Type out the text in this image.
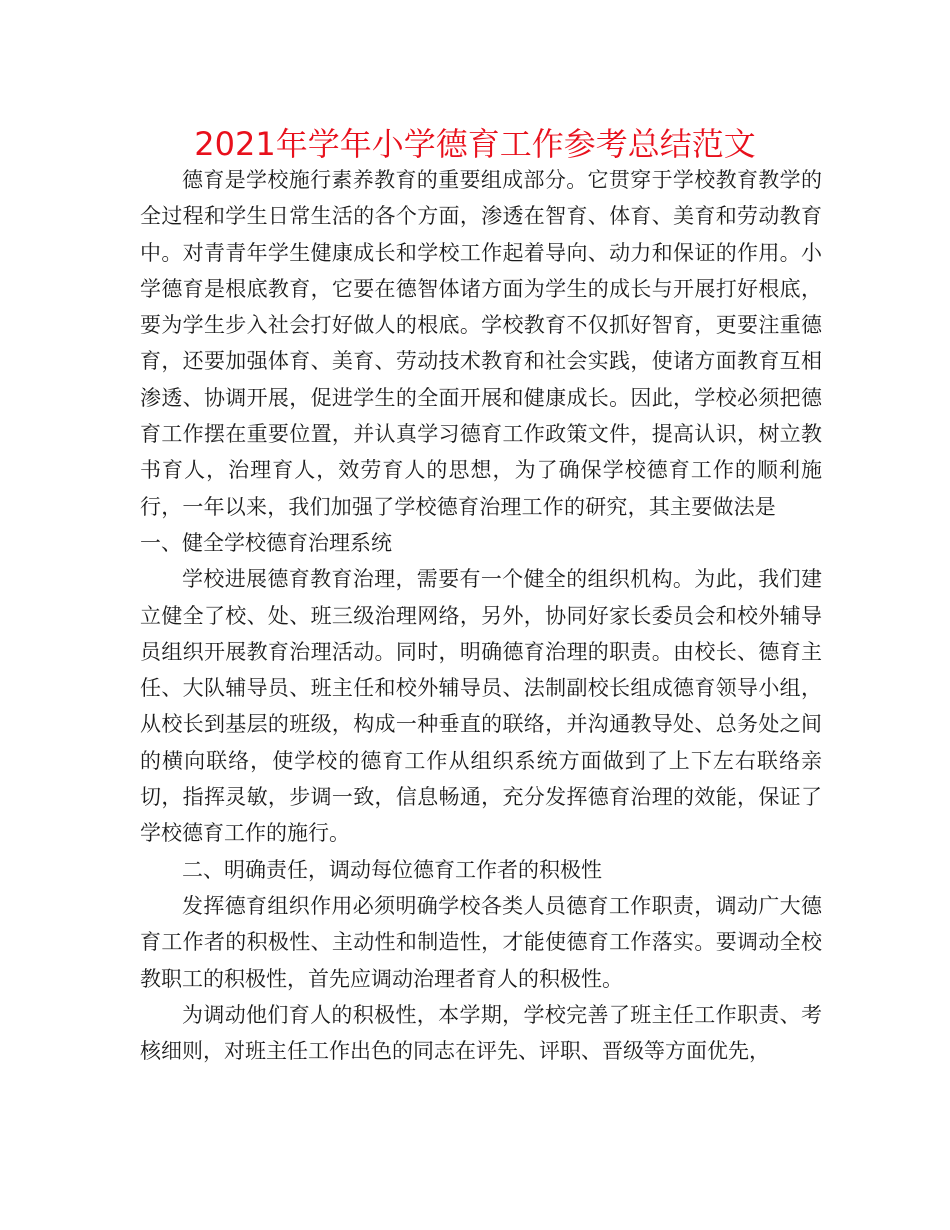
2021年学年小学德育工作参考总结范文

德育是学校施行素养教育的重要组成部分。它贯穿于学校教育教学的全过程和学生日常生活的各个方面，渗透在智育、体育、美育和劳动教育中。对青青年学生健康成长和学校工作起着导向、动力和保证的作用。小学德育是根底教育，它要在德智体诸方面为学生的成长与开展打好根底，要为学生步入社会打好做人的根底。学校教育不仅抓好智育，更要注重德育，还要加强体育、美育、劳动技术教育和社会实践，使诸方面教育互相渗透、协调开展，促进学生的全面开展和健康成长。因此，学校必须把德育工作摆在重要位置，并认真学习德育工作政策文件，提高认识，树立教书育人，治理育人，效劳育人的思想，为了确保学校德育工作的顺利施行，一年以来，我们加强了学校德育治理工作的研究，其主要做法是一、健全学校德育治理系统

学校进展德育教育治理，需要有一个健全的组织机构。为此，我们建立健全了校、处、班三级治理网络，另外，协同好家长委员会和校外辅导员组织开展教育治理活动。同时，明确德育治理的职责。由校长、德育主任、大队辅导员、班主任和校外辅导员、法制副校长组成德育领导小组，从校长到基层的班级，构成一种垂直的联络，并沟通教导处、总务处之间的横向联络，使学校的德育工作从组织系统方面做到了上下左右联络亲切，指挥灵敏，步调一致，信息畅通，充分发挥德育治理的效能，保证了学校德育工作的施行。

二、明确责任，调动每位德育工作者的积极性

发挥德育组织作用必须明确学校各类人员德育工作职责，调动广大德育工作者的积极性、主动性和制造性，才能使德育工作落实。要调动全校教职工的积极性，首先应调动治理者育人的积极性。

为调动他们育人的积极性，本学期，学校完善了班主任工作职责、考核细则，对班主任工作出色的同志在评先、评职、晋级等方面优先，
